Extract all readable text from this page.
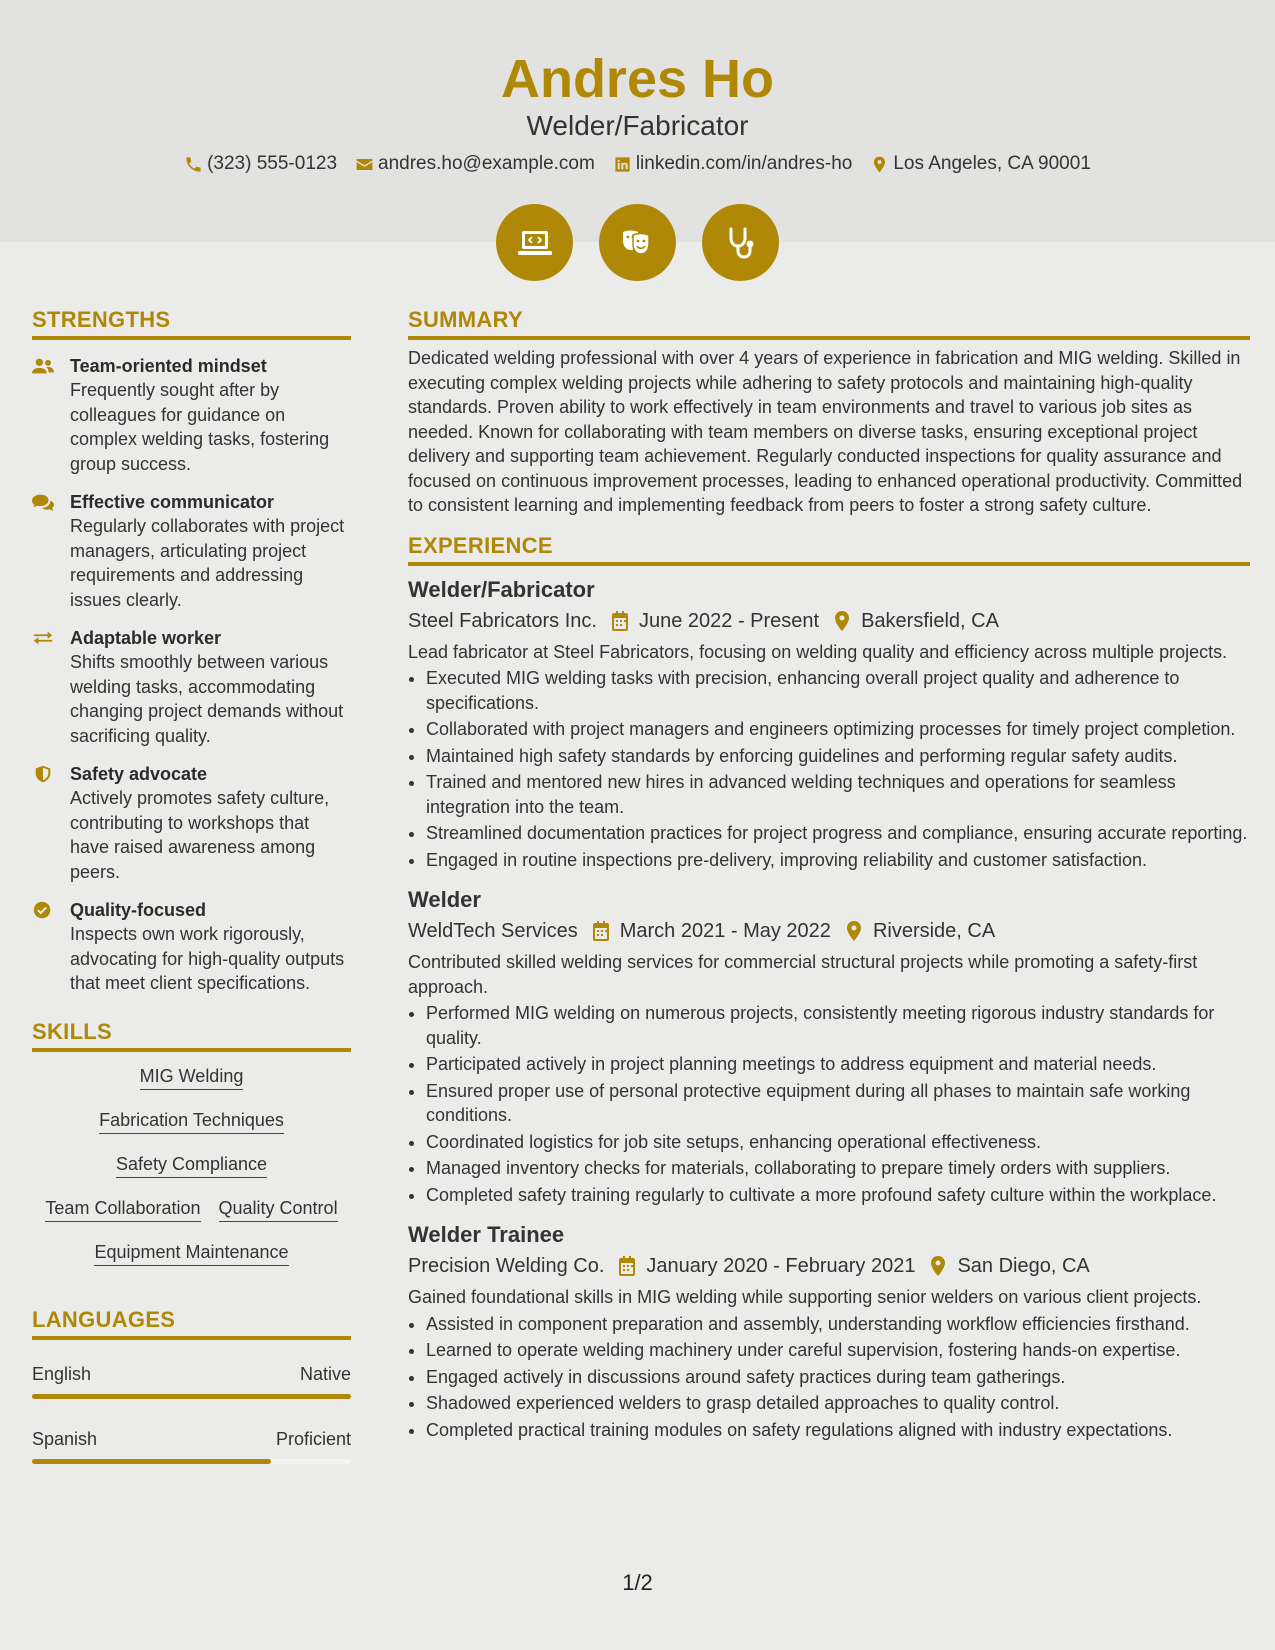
Andres Ho
Welder/Fabricator
(323) 555-0123 andres.ho@example.com linkedin.com/in/andres-ho Los Angeles, CA 90001
STRENGTHS
Team-oriented mindset
Frequently sought after by colleagues for guidance on complex welding tasks, fostering group success.
Effective communicator
Regularly collaborates with project managers, articulating project requirements and addressing issues clearly.
Adaptable worker
Shifts smoothly between various welding tasks, accommodating changing project demands without sacrificing quality.
Safety advocate
Actively promotes safety culture, contributing to workshops that have raised awareness among peers.
Quality-focused
Inspects own work rigorously, advocating for high-quality outputs that meet client specifications.
SKILLS
MIG Welding
Fabrication Techniques
Safety Compliance
Team Collaboration Quality Control
Equipment Maintenance
LANGUAGES
English	Native
Spanish	Proficient
SUMMARY
Dedicated welding professional with over 4 years of experience in fabrication and MIG welding. Skilled in executing complex welding projects while adhering to safety protocols and maintaining high-quality standards. Proven ability to work effectively in team environments and travel to various job sites as needed. Known for collaborating with team members on diverse tasks, ensuring exceptional project delivery and supporting team achievement. Regularly conducted inspections for quality assurance and focused on continuous improvement processes, leading to enhanced operational productivity. Committed to consistent learning and implementing feedback from peers to foster a strong safety culture.
EXPERIENCE
Welder/Fabricator
Steel Fabricators Inc. June 2022 - Present Bakersfield, CA
Lead fabricator at Steel Fabricators, focusing on welding quality and efficiency across multiple projects.
• Executed MIG welding tasks with precision, enhancing overall project quality and adherence to specifications.
• Collaborated with project managers and engineers optimizing processes for timely project completion.
• Maintained high safety standards by enforcing guidelines and performing regular safety audits.
• Trained and mentored new hires in advanced welding techniques and operations for seamless integration into the team.
• Streamlined documentation practices for project progress and compliance, ensuring accurate reporting.
• Engaged in routine inspections pre-delivery, improving reliability and customer satisfaction.
Welder
WeldTech Services March 2021 - May 2022 Riverside, CA
Contributed skilled welding services for commercial structural projects while promoting a safety-first approach.
• Performed MIG welding on numerous projects, consistently meeting rigorous industry standards for quality.
• Participated actively in project planning meetings to address equipment and material needs.
• Ensured proper use of personal protective equipment during all phases to maintain safe working conditions.
• Coordinated logistics for job site setups, enhancing operational effectiveness.
• Managed inventory checks for materials, collaborating to prepare timely orders with suppliers.
• Completed safety training regularly to cultivate a more profound safety culture within the workplace.
Welder Trainee
Precision Welding Co. January 2020 - February 2021 San Diego, CA
Gained foundational skills in MIG welding while supporting senior welders on various client projects.
• Assisted in component preparation and assembly, understanding workflow efficiencies firsthand.
• Learned to operate welding machinery under careful supervision, fostering hands-on expertise.
• Engaged actively in discussions around safety practices during team gatherings.
• Shadowed experienced welders to grasp detailed approaches to quality control.
• Completed practical training modules on safety regulations aligned with industry expectations.
1/2
